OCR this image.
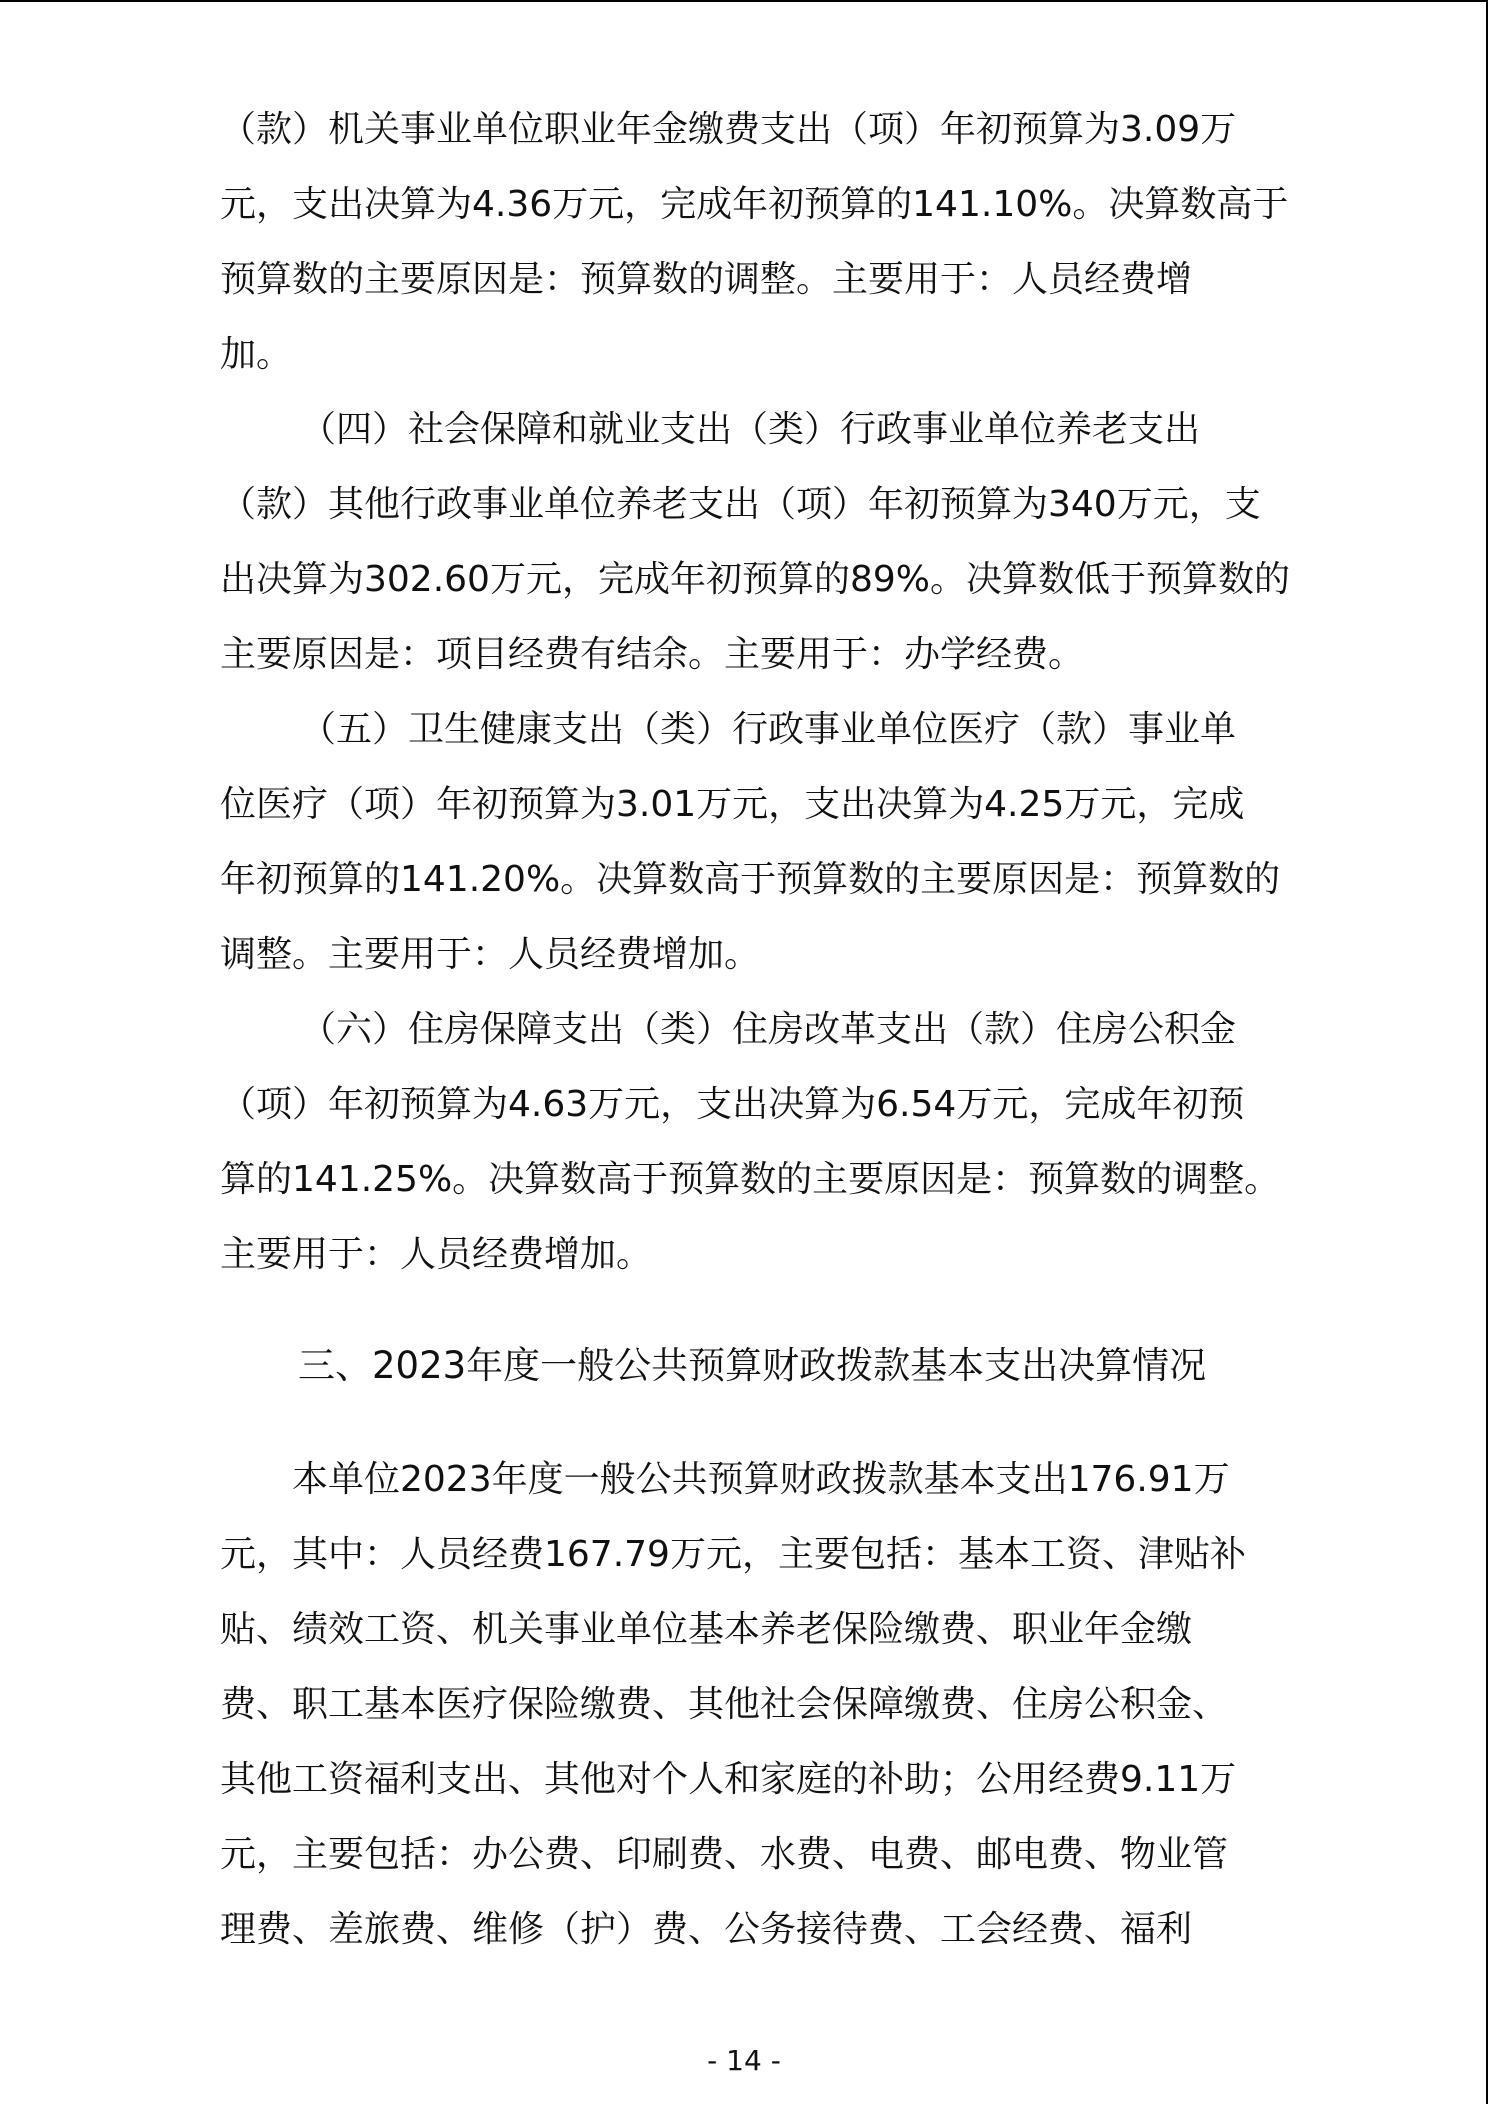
（款）机关事业单位职业年金缴费支出（项）年初预算为3.09万
元，支出决算为4.36万元，完成年初预算的141.10%。决算数高于
预算数的主要原因是：预算数的调整。主要用于：人员经费增
加。
（四）社会保障和就业支出（类）行政事业单位养老支出
（款）其他行政事业单位养老支出（项）年初预算为340万元，支
出决算为302.60万元，完成年初预算的89%。决算数低于预算数的
主要原因是：项目经费有结余。主要用于：办学经费。
（五）卫生健康支出（类）行政事业单位医疗（款）事业单
位医疗（项）年初预算为3.01万元，支出决算为4.25万元，完成
年初预算的141.20%。决算数高于预算数的主要原因是：预算数的
调整。主要用于：人员经费增加。
（六）住房保障支出（类）住房改革支出（款）住房公积金
（项）年初预算为4.63万元，支出决算为6.54万元，完成年初预
算的141.25%。决算数高于预算数的主要原因是：预算数的调整。
主要用于：人员经费增加。
三、2023年度一般公共预算财政拨款基本支出决算情况
本单位2023年度一般公共预算财政拨款基本支出176.91万
元，其中：人员经费167.79万元，主要包括：基本工资、津贴补
贴、绩效工资、机关事业单位基本养老保险缴费、职业年金缴
费、职工基本医疗保险缴费、其他社会保障缴费、住房公积金、
其他工资福利支出、其他对个人和家庭的补助；公用经费9.11万
元，主要包括：办公费、印刷费、水费、电费、邮电费、物业管
理费、差旅费、维修（护）费、公务接待费、工会经费、福利
- 14 -
